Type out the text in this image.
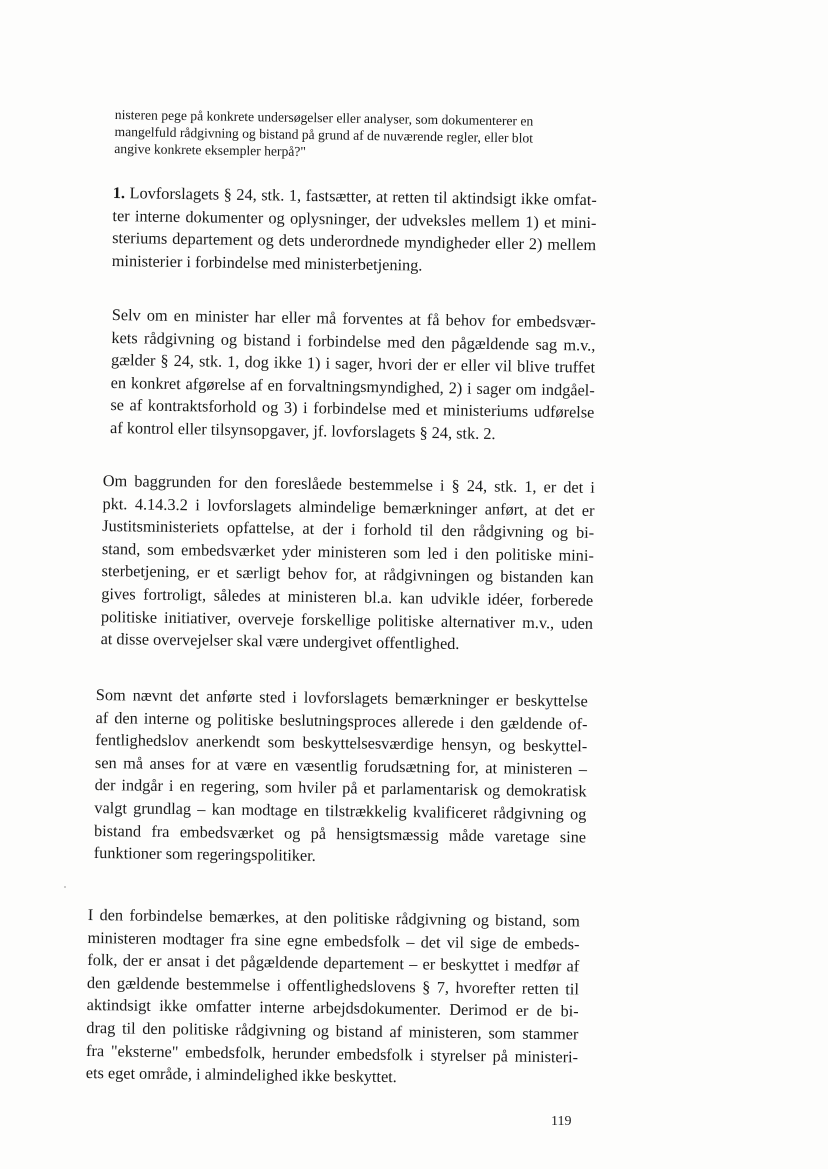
nisteren pege på konkrete undersøgelser eller analyser, som dokumenterer en
mangelfuld rådgivning og bistand på grund af de nuværende regler, eller blot
angive konkrete eksempler herpå?"
1. Lovforslagets § 24, stk. 1, fastsætter, at retten til aktindsigt ikke omfat-
ter interne dokumenter og oplysninger, der udveksles mellem 1) et mini-
steriums departement og dets underordnede myndigheder eller 2) mellem
ministerier i forbindelse med ministerbetjening.
Selv om en minister har eller må forventes at få behov for embedsvær-
kets rådgivning og bistand i forbindelse med den pågældende sag m.v.,
gælder § 24, stk. 1, dog ikke 1) i sager, hvori der er eller vil blive truffet
en konkret afgørelse af en forvaltningsmyndighed, 2) i sager om indgåel-
se af kontraktsforhold og 3) i forbindelse med et ministeriums udførelse
af kontrol eller tilsynsopgaver, jf. lovforslagets § 24, stk. 2.
Om baggrunden for den foreslåede bestemmelse i § 24, stk. 1, er det i
pkt. 4.14.3.2 i lovforslagets almindelige bemærkninger anført, at det er
Justitsministeriets opfattelse, at der i forhold til den rådgivning og bi-
stand, som embedsværket yder ministeren som led i den politiske mini-
sterbetjening, er et særligt behov for, at rådgivningen og bistanden kan
gives fortroligt, således at ministeren bl.a. kan udvikle idéer, forberede
politiske initiativer, overveje forskellige politiske alternativer m.v., uden
at disse overvejelser skal være undergivet offentlighed.
Som nævnt det anførte sted i lovforslagets bemærkninger er beskyttelse
af den interne og politiske beslutningsproces allerede i den gældende of-
fentlighedslov anerkendt som beskyttelsesværdige hensyn, og beskyttel-
sen må anses for at være en væsentlig forudsætning for, at ministeren –
der indgår i en regering, som hviler på et parlamentarisk og demokratisk
valgt grundlag – kan modtage en tilstrækkelig kvalificeret rådgivning og
bistand fra embedsværket og på hensigtsmæssig måde varetage sine
funktioner som regeringspolitiker.
I den forbindelse bemærkes, at den politiske rådgivning og bistand, som
ministeren modtager fra sine egne embedsfolk – det vil sige de embeds-
folk, der er ansat i det pågældende departement – er beskyttet i medfør af
den gældende bestemmelse i offentlighedslovens § 7, hvorefter retten til
aktindsigt ikke omfatter interne arbejdsdokumenter. Derimod er de bi-
drag til den politiske rådgivning og bistand af ministeren, som stammer
fra "eksterne" embedsfolk, herunder embedsfolk i styrelser på ministeri-
ets eget område, i almindelighed ikke beskyttet.
119
